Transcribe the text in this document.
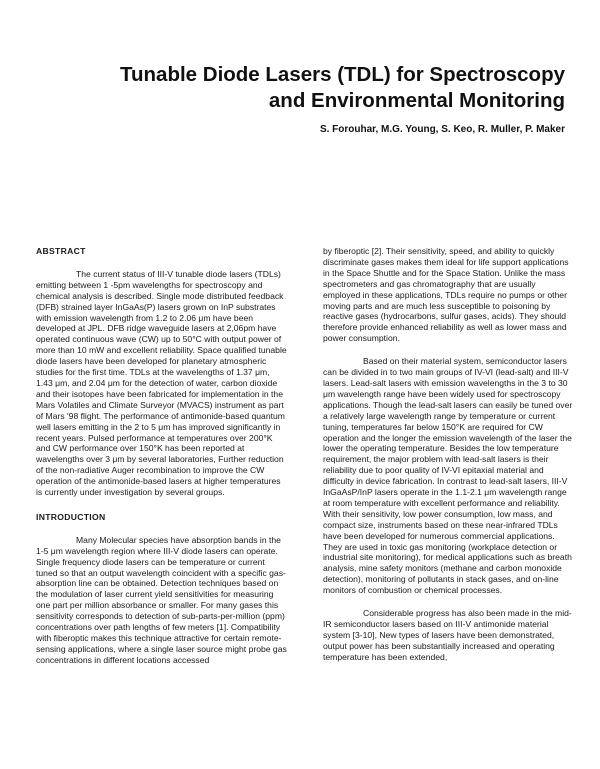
Tunable Diode Lasers (TDL) for Spectroscopy
and Environmental Monitoring
S. Forouhar, M.G. Young, S. Keo, R. Muller, P. Maker
ABSTRACT

The current status of III-V tunable diode lasers (TDLs) emitting between 1 -5pm wavelengths for spectroscopy and chemical analysis is described. Single mode distributed feedback (DFB) strained layer InGaAs(P) lasers grown on InP substrates with emission wavelength from 1.2 to 2.06 μm have been developed at JPL. DFB ridge waveguide lasers at 2,06pm have operated continuous wave (CW) up to 50°C with output power of more than 10 mW and excellent reliability. Space qualified tunable diode lasers have been developed for planetary atmospheric studies for the first time. TDLs at the wavelengths of 1.37 μm, 1.43 μm, and 2.04 μm for the detection of water, carbon dioxide and their isotopes have been fabricated for implementation in the Mars Volatiles and Climate Surveyor (MVACS) instrument as part of Mars '98 flight. The performance of antimonide-based quantum well lasers emitting in the 2 to 5 μm has improved significantly in recent years. Pulsed performance at temperatures over 200°K and CW performance over 150°K has been reported at wavelengths over 3 μm by several laboratories, Further reduction of the non-radiative Auger recombination to improve the CW operation of the antimonide-based lasers at higher temperatures is currently under investigation by several groups.

INTRODUCTION

Many Molecular species have absorption bands in the 1-5 μm wavelength region where III-V diode lasers can operate. Single frequency diode lasers can be temperature or current tuned so that an output wavelength coincident with a specific gas-absorption line can be obtained. Detection techniques based on the modulation of laser current yield sensitivities for measuring one part per million absorbance or smaller. For many gases this sensitivity corresponds to detection of sub-parts-per-million (ppm) concentrations over path lengths of few meters [1]. Compatibility with fiberoptic makes this technique attractive for certain remote-sensing applications, where a single laser source might probe gas concentrations in different locations accessed

by fiberoptic [2]. Their sensitivity, speed, and ability to quickly discriminate gases makes them ideal for life support applications in the Space Shuttle and for the Space Station. Unlike the mass spectrometers and gas chromatography that are usually employed in these applications, TDLs require no pumps or other moving parts and are much less susceptible to poisoning by reactive gases (hydrocarbons, sulfur gases, acids). They should therefore provide enhanced reliability as well as lower mass and power consumption.

Based on their material system, semiconductor lasers can be divided in to two main groups of IV-VI (lead-salt) and III-V lasers. Lead-salt lasers with emission wavelengths in the 3 to 30 μm wavelength range have been widely used for spectroscopy applications. Though the lead-salt lasers can easily be tuned over a relatively large wavelength range by temperature or current tuning, temperatures far below 150°K are required for CW operation and the longer the emission wavelength of the laser the lower the operating temperature. Besides the low temperature requirement, the major problem with lead-salt lasers is their reliability due to poor quality of IV-VI epitaxial material and difficulty in device fabrication. In contrast to lead-salt lasers, III-V InGaAsP/InP lasers operate in the 1.1-2.1 μm wavelength range at room temperature with excellent performance and reliability. With their sensitivity, low power consumption, low mass, and compact size, instruments based on these near-infrared TDLs have been developed for numerous commercial applications. They are used in toxic gas monitoring (workplace detection or industrial site monitoring), for medical applications such as breath analysis, mine safety monitors (methane and carbon monoxide detection), monitoring of pollutants in stack gases, and on-line monitors of combustion or chemical processes.

Considerable progress has also been made in the mid-IR semiconductor lasers based on III-V antimonide material system [3-10], New types of lasers have been demonstrated, output power has been substantially increased and operating temperature has been extended,
